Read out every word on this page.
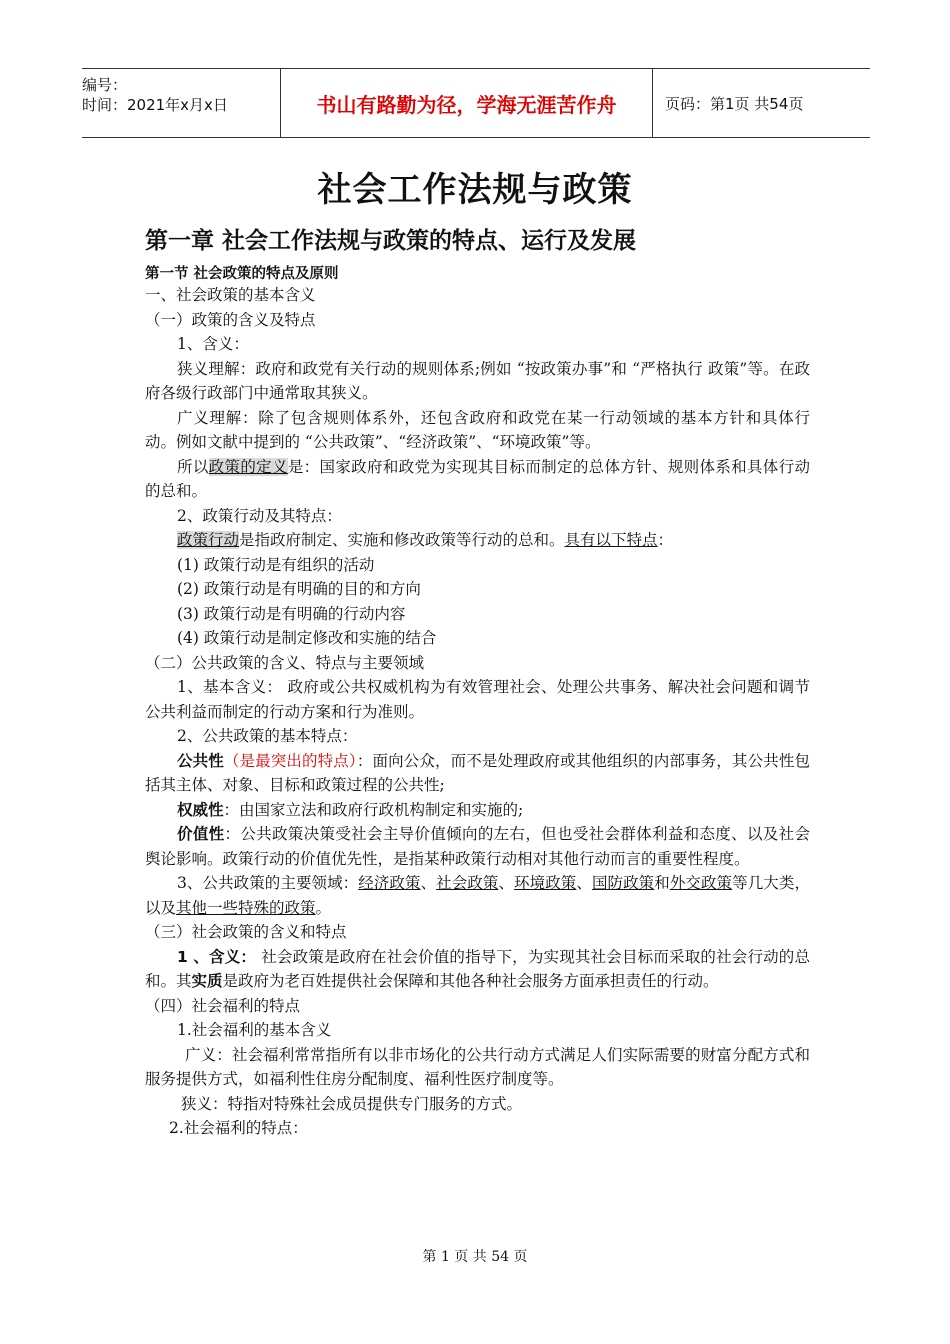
编号：
时间：2021年x月x日	书山有路勤为径，学海无涯苦作舟	页码：第1页 共54页
社会工作法规与政策
第一章 社会工作法规与政策的特点、运行及发展
第一节 社会政策的特点及原则

一、社会政策的基本含义

（一）政策的含义及特点

1、含义：

狭义理解：政府和政党有关行动的规则体系;例如 “按政策办事”和 “严格执行 政策”等。在政府各级行政部门中通常取其狭义。

广义理解：除了包含规则体系外，还包含政府和政党在某一行动领域的基本方针和具体行动。例如文献中提到的 “公共政策”、“经济政策”、“环境政策”等。

所以政策的定义是：国家政府和政党为实现其目标而制定的总体方针、规则体系和具体行动的总和。

2、政策行动及其特点：

政策行动是指政府制定、实施和修改政策等行动的总和。具有以下特点：

(1) 政策行动是有组织的活动

(2) 政策行动是有明确的目的和方向

(3) 政策行动是有明确的行动内容

(4) 政策行动是制定修改和实施的结合

（二）公共政策的含义、特点与主要领域

1、基本含义： 政府或公共权威机构为有效管理社会、处理公共事务、解决社会问题和调节公共利益而制定的行动方案和行为准则。

2、公共政策的基本特点：

公共性（是最突出的特点）：面向公众，而不是处理政府或其他组织的内部事务，其公共性包括其主体、对象、目标和政策过程的公共性;

权威性：由国家立法和政府行政机构制定和实施的;

价值性：公共政策决策受社会主导价值倾向的左右，但也受社会群体利益和态度、以及社会舆论影响。政策行动的价值优先性，是指某种政策行动相对其他行动而言的重要性程度。

3、公共政策的主要领域：经济政策、社会政策、环境政策、国防政策和外交政策等几大类，以及其他一些特殊的政策。

（三）社会政策的含义和特点

1 、含义： 社会政策是政府在社会价值的指导下，为实现其社会目标而采取的社会行动的总和。其实质是政府为老百姓提供社会保障和其他各种社会服务方面承担责任的行动。

（四）社会福利的特点

1.社会福利的基本含义

广义：社会福利常常指所有以非市场化的公共行动方式满足人们实际需要的财富分配方式和服务提供方式，如福利性住房分配制度、福利性医疗制度等。

狭义：特指对特殊社会成员提供专门服务的方式。

2.社会福利的特点：

第 1 页 共 54 页
